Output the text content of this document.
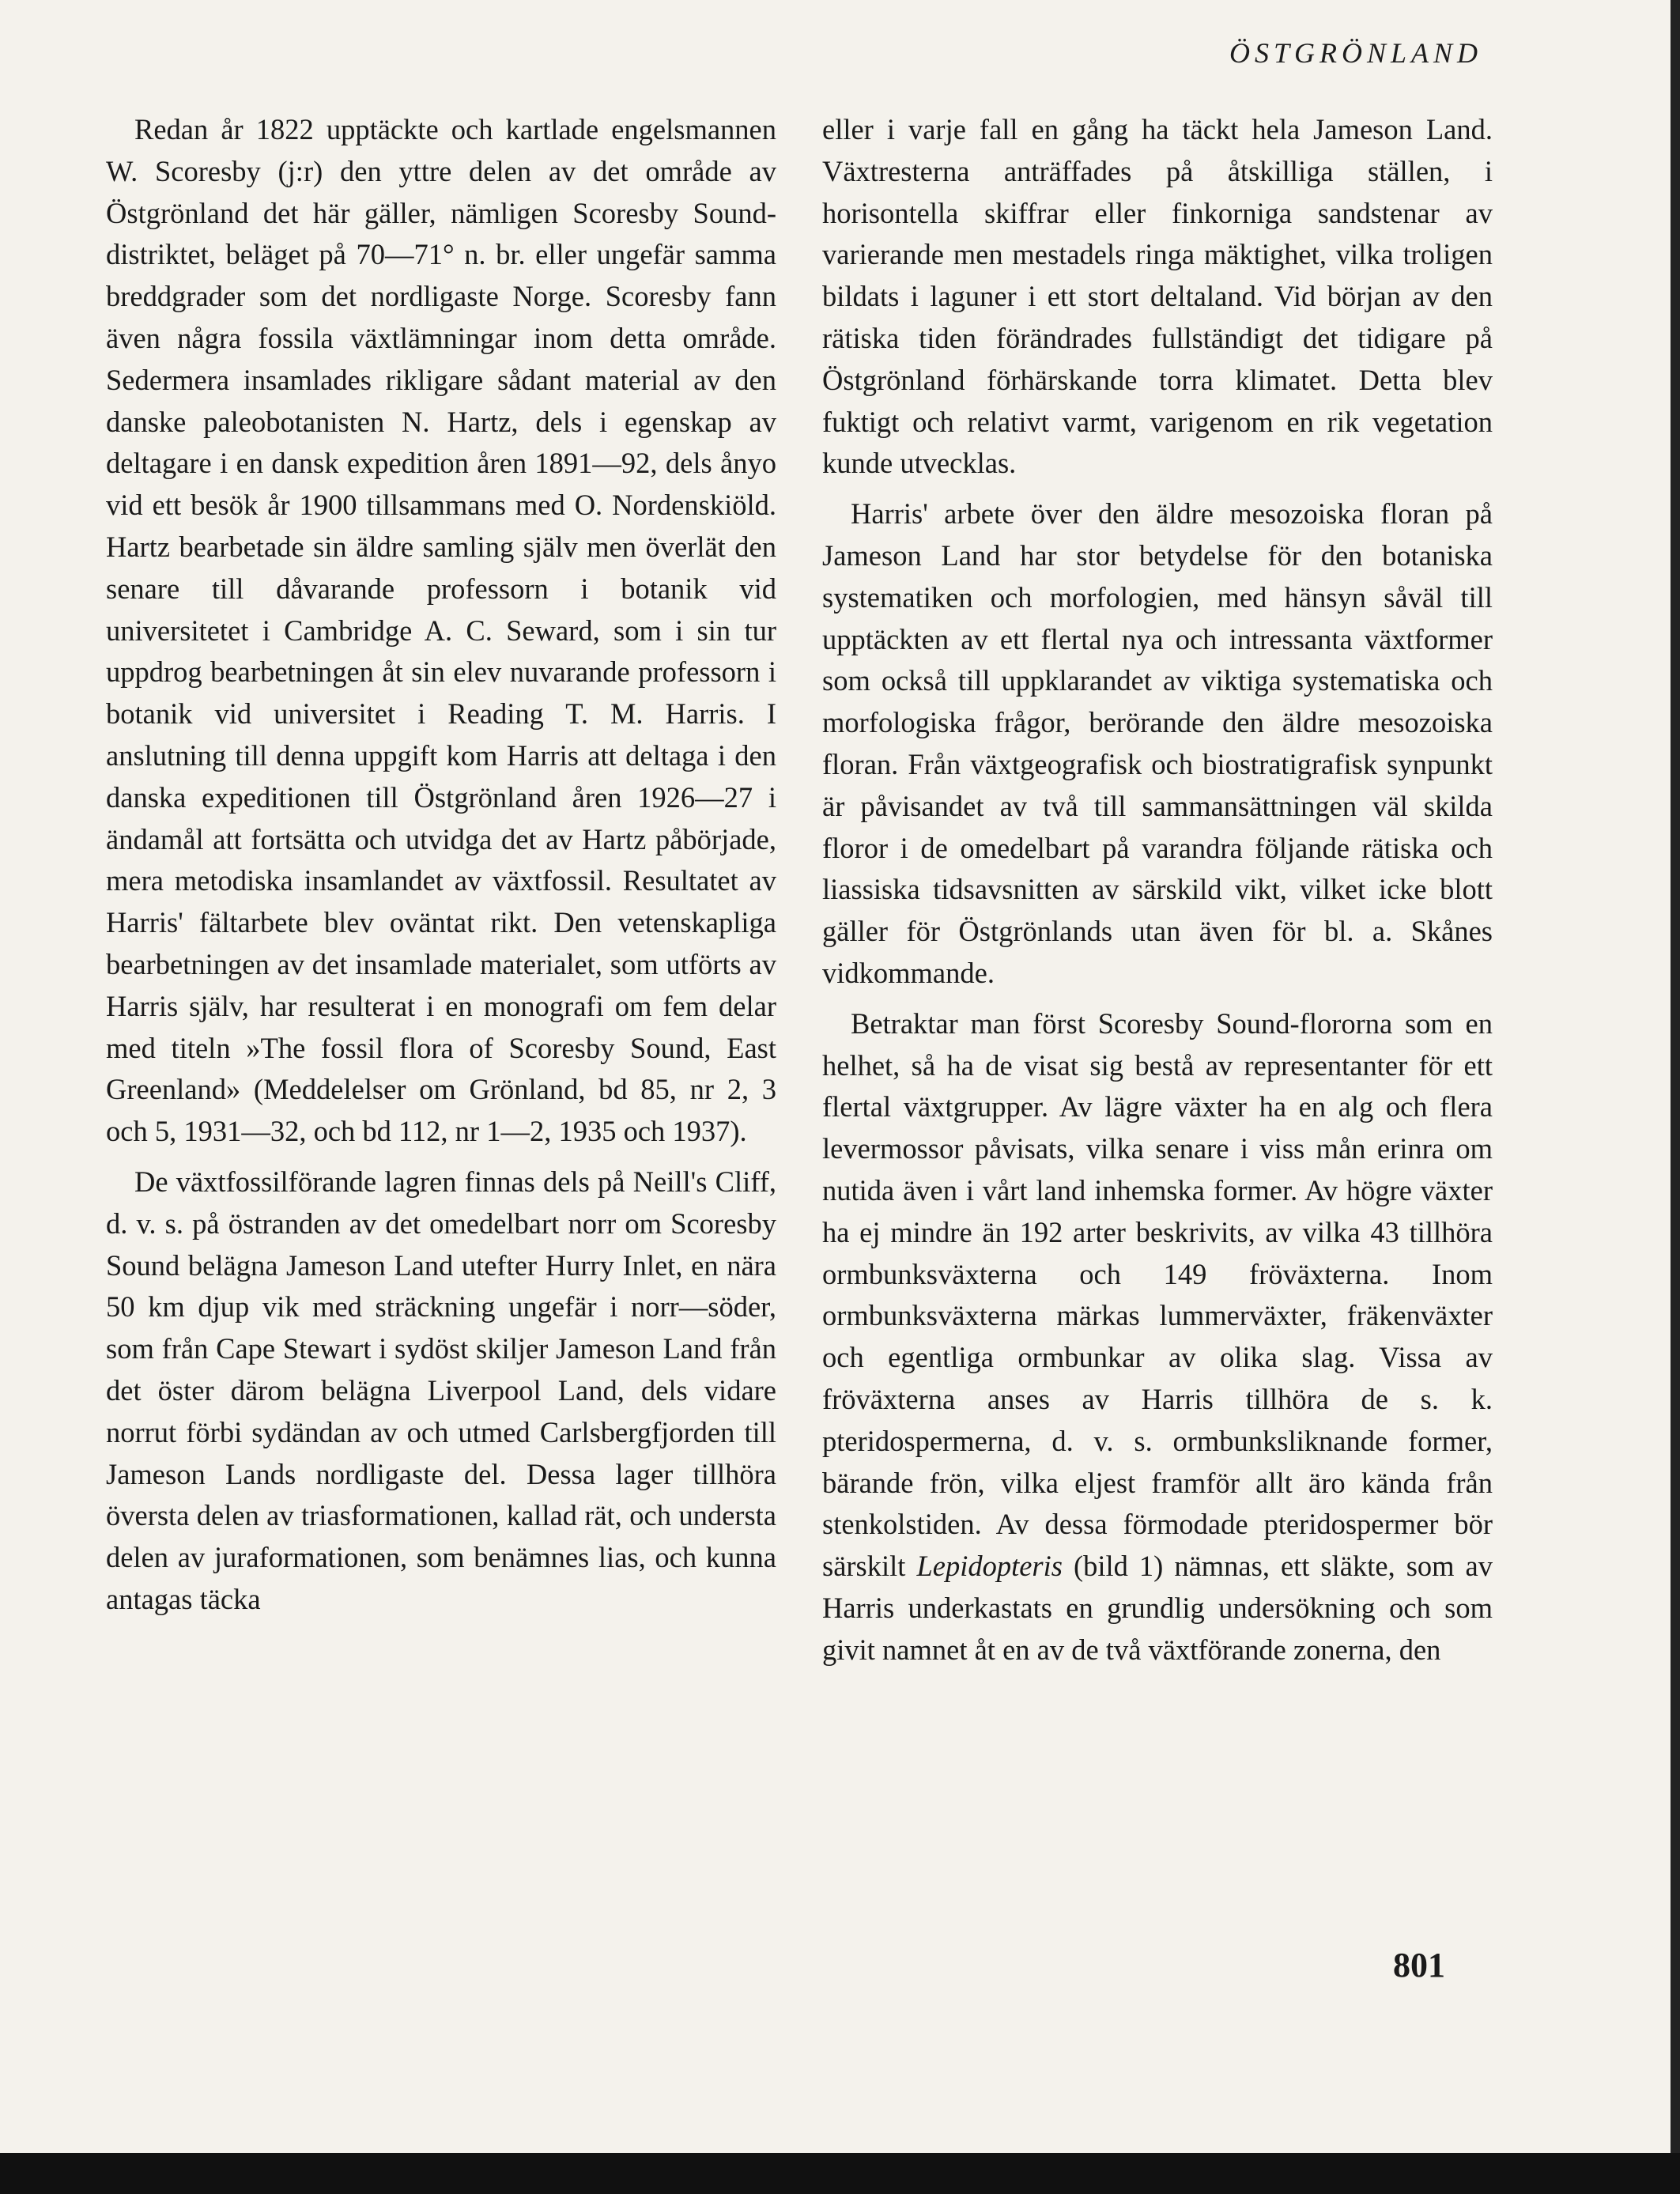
ÖSTGRÖNLAND

Redan år 1822 upptäckte och kartlade engelsmannen W. Scoresby (j:r) den yttre delen av det område av Östgrönland det här gäller, nämligen Scoresby Sound-distriktet, beläget på 70—71° n. br. eller ungefär samma breddgrader som det nordligaste Norge. Scoresby fann även några fossila växtlämningar inom detta område. Sedermera insamlades rikligare sådant material av den danske paleobotanisten N. Hartz, dels i egenskap av deltagare i en dansk expedition åren 1891—92, dels ånyo vid ett besök år 1900 tillsammans med O. Nordenskiöld. Hartz bearbetade sin äldre samling själv men överlät den senare till dåvarande professorn i botanik vid universitetet i Cambridge A. C. Seward, som i sin tur uppdrog bearbetningen åt sin elev nuvarande professorn i botanik vid universitet i Reading T. M. Harris. I anslutning till denna uppgift kom Harris att deltaga i den danska expeditionen till Östgrönland åren 1926—27 i ändamål att fortsätta och utvidga det av Hartz påbörjade, mera metodiska insamlandet av växtfossil. Resultatet av Harris' fältarbete blev oväntat rikt. Den vetenskapliga bearbetningen av det insamlade materialet, som utförts av Harris själv, har resulterat i en monografi om fem delar med titeln »The fossil flora of Scoresby Sound, East Greenland» (Meddelelser om Grönland, bd 85, nr 2, 3 och 5, 1931—32, och bd 112, nr 1—2, 1935 och 1937).

De växtfossilförande lagren finnas dels på Neill's Cliff, d. v. s. på östranden av det omedelbart norr om Scoresby Sound belägna Jameson Land utefter Hurry Inlet, en nära 50 km djup vik med sträckning ungefär i norr—söder, som från Cape Stewart i sydöst skiljer Jameson Land från det öster därom belägna Liverpool Land, dels vidare norrut förbi sydändan av och utmed Carlsbergfjorden till Jameson Lands nordligaste del. Dessa lager tillhöra översta delen av triasformationen, kallad rät, och understa delen av juraformationen, som benämnes lias, och kunna antagas täcka

eller i varje fall en gång ha täckt hela Jameson Land. Växtresterna anträffades på åtskilliga ställen, i horisontella skiffrar eller finkorniga sandstenar av varierande men mestadels ringa mäktighet, vilka troligen bildats i laguner i ett stort deltaland. Vid början av den rätiska tiden förändrades fullständigt det tidigare på Östgrönland förhärskande torra klimatet. Detta blev fuktigt och relativt varmt, varigenom en rik vegetation kunde utvecklas.

Harris' arbete över den äldre mesozoiska floran på Jameson Land har stor betydelse för den botaniska systematiken och morfologien, med hänsyn såväl till upptäckten av ett flertal nya och intressanta växtformer som också till uppklarandet av viktiga systematiska och morfologiska frågor, berörande den äldre mesozoiska floran. Från växtgeografisk och biostratigrafisk synpunkt är påvisandet av två till sammansättningen väl skilda floror i de omedelbart på varandra följande rätiska och liassiska tidsavsnitten av särskild vikt, vilket icke blott gäller för Östgrönlands utan även för bl. a. Skånes vidkommande.

Betraktar man först Scoresby Sound-flororna som en helhet, så ha de visat sig bestå av representanter för ett flertal växtgrupper. Av lägre växter ha en alg och flera levermossor påvisats, vilka senare i viss mån erinra om nutida även i vårt land inhemska former. Av högre växter ha ej mindre än 192 arter beskrivits, av vilka 43 tillhöra ormbunksväxterna och 149 fröväxterna. Inom ormbunksväxterna märkas lummerväxter, fräkenväxter och egentliga ormbunkar av olika slag. Vissa av fröväxterna anses av Harris tillhöra de s. k. pteridospermerna, d. v. s. ormbunksliknande former, bärande frön, vilka eljest framför allt äro kända från stenkolstiden. Av dessa förmodade pteridospermer bör särskilt Lepidopteris (bild 1) nämnas, ett släkte, som av Harris underkastats en grundlig undersökning och som givit namnet åt en av de två växtförande zonerna, den

801
